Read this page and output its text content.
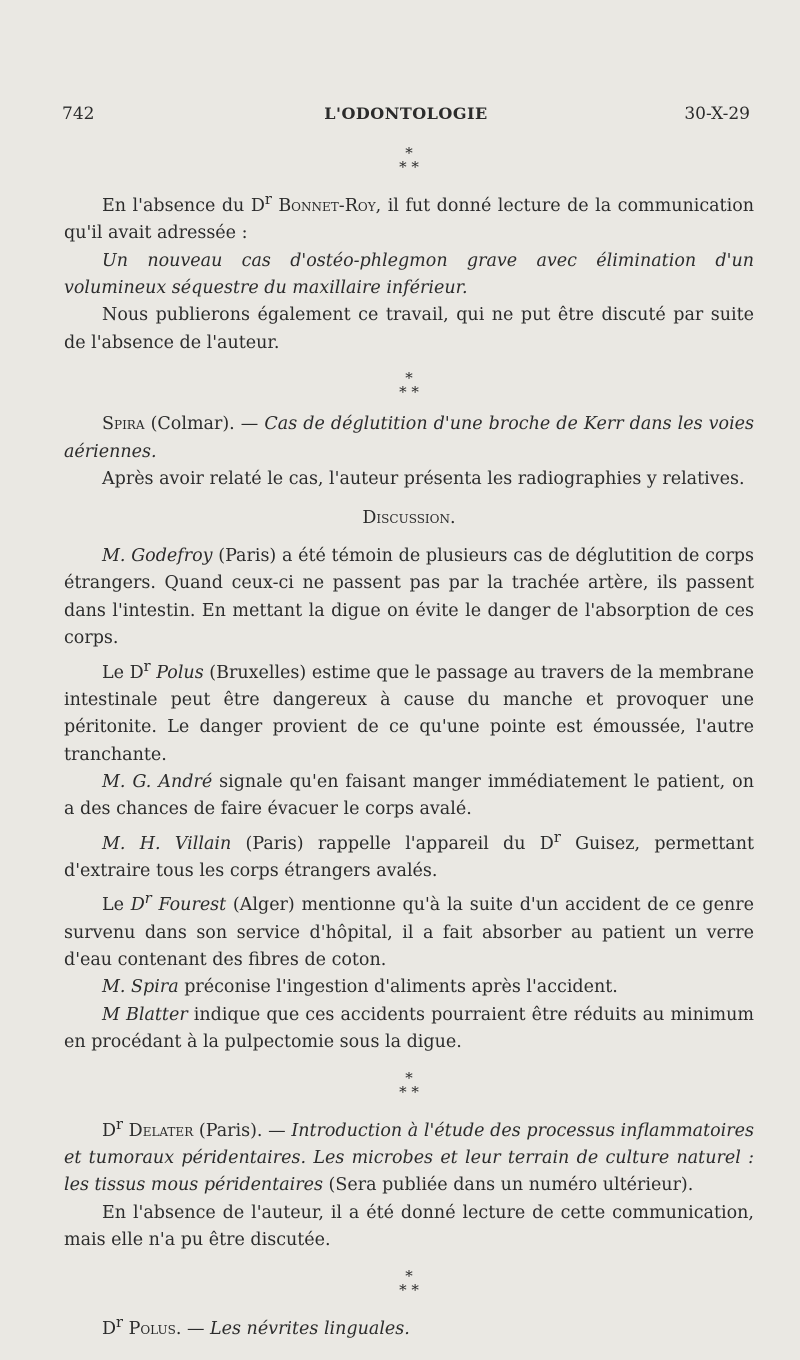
742	L'ODONTOLOGIE	30-X-29
*
* *

En l'absence du $D^r$ Bonnet-Roy, il fut donné lecture de la communication qu'il avait adressée :

Un nouveau cas d'ostéo-phlegmon grave avec élimination d'un volumineux séquestre du maxillaire inférieur.

Nous publierons également ce travail, qui ne put être discuté par suite de l'absence de l'auteur.

*
* *

Spira (Colmar). — Cas de déglutition d'une broche de Kerr dans les voies aériennes.

Après avoir relaté le cas, l'auteur présenta les radiographies y relatives.

Discussion.

M. Godefroy (Paris) a été témoin de plusieurs cas de déglutition de corps étrangers. Quand ceux-ci ne passent pas par la trachée artère, ils passent dans l'intestin. En mettant la digue on évite le danger de l'absorption de ces corps.

Le $D^r$ Polus (Bruxelles) estime que le passage au travers de la membrane intestinale peut être dangereux à cause du manche et provoquer une péritonite. Le danger provient de ce qu'une pointe est émoussée, l'autre tranchante.

M. G. André signale qu'en faisant manger immédiatement le patient, on a des chances de faire évacuer le corps avalé.

M. H. Villain (Paris) rappelle l'appareil du $D^r$ Guisez, permettant d'extraire tous les corps étrangers avalés.

Le $D^r$ Fourest (Alger) mentionne qu'à la suite d'un accident de ce genre survenu dans son service d'hôpital, il a fait absorber au patient un verre d'eau contenant des fibres de coton.

M. Spira préconise l'ingestion d'aliments après l'accident.

M Blatter indique que ces accidents pourraient être réduits au minimum en procédant à la pulpectomie sous la digue.

*
* *

$D^r$ Delater (Paris). — Introduction à l'étude des processus inflammatoires et tumoraux péridentaires. Les microbes et leur terrain de culture naturel : les tissus mous péridentaires (Sera publiée dans un numéro ultérieur).

En l'absence de l'auteur, il a été donné lecture de cette communication, mais elle n'a pu être discutée.

*
* *

$D^r$ Polus. — Les névrites linguales.
